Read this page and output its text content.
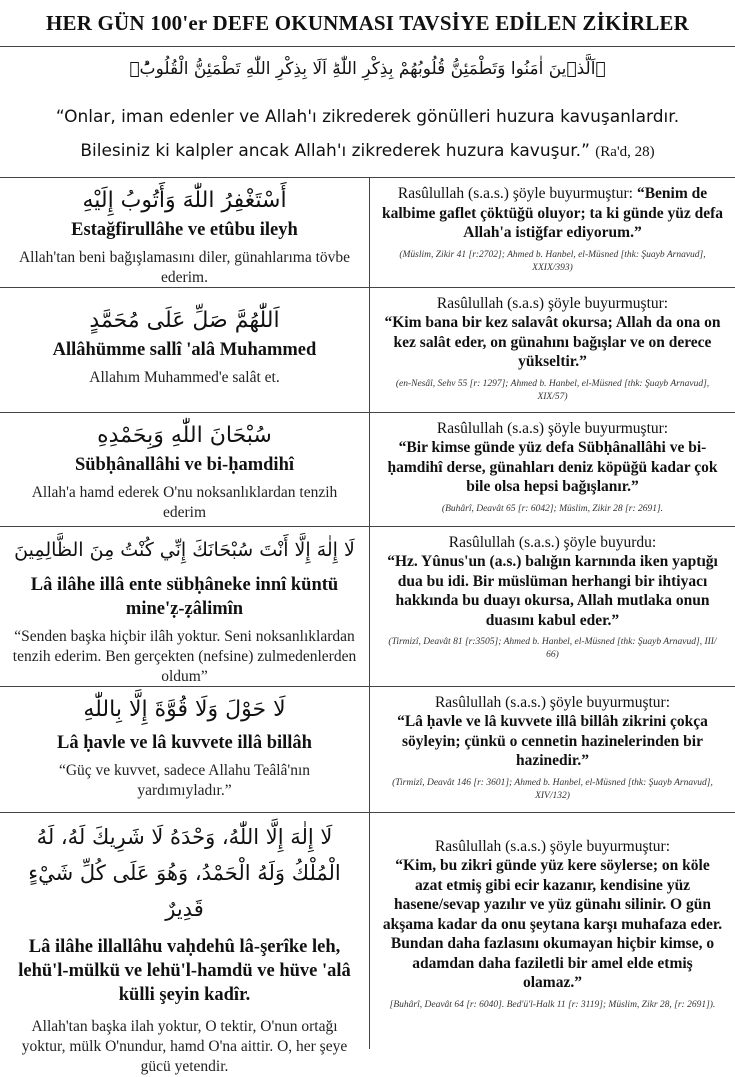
HER GÜN 100'er DEFE OKUNMASI TAVSİYE EDİLEN ZİKİRLER
﴿اَلَّذ۪ينَ اٰمَنُوا وَتَطْمَئِنُّ قُلُوبُهُمْ بِذِكْرِ اللّٰهِؕ اَلَا بِذِكْرِ اللّٰهِ تَطْمَئِنُّ الْقُلُوبُؕ﴾
“Onlar, iman edenler ve Allah'ı zikrederek gönülleri huzura kavuşanlardır.
Bilesiniz ki kalpler ancak Allah'ı zikrederek huzura kavuşur.” (Ra'd, 28)
أَسْتَغْفِرُ اللّٰهَ وَأَتُوبُ إِلَيْهِ
Estağfirullâhe ve etûbu ileyh
Allah'tan beni bağışlamasını diler, günahlarıma tövbe ederim.
Rasûlullah (s.a.s.) şöyle buyurmuştur: “Benim de kalbime gaflet çöktüğü oluyor; ta ki günde yüz defa Allah'a istiğfar ediyorum.”
(Müslim, Zikir 41 [r:2702]; Ahmed b. Hanbel, el-Müsned [thk: Şuayb Arnavud], XXIX/393)
اَللّٰهُمَّ صَلِّ عَلَى مُحَمَّدٍ
Allâhümme sallî 'alâ Muhammed
Allahım Muhammed'e salât et.
Rasûlullah (s.a.s) şöyle buyurmuştur:
“Kim bana bir kez salavât okursa; Allah da ona on kez salât eder, on günahını bağışlar ve on derece yükseltir.”
(en-Nesâî, Sehv 55 [r: 1297]; Ahmed b. Hanbel, el-Müsned [thk: Şuayb Arnavud], XIX/57)
سُبْحَانَ اللّٰهِ وَبِحَمْدِهِ
Sübḥânallâhi ve bi-ḥamdihî
Allah'a hamd ederek O'nu noksanlıklardan tenzih ederim
Rasûlullah (s.a.s) şöyle buyurmuştur:
“Bir kimse günde yüz defa Sübḥânallâhi ve bi-ḥamdihî derse, günahları deniz köpüğü kadar çok bile olsa hepsi bağışlanır.”
(Buhârî, Deavât 65 [r: 6042]; Müslim, Zikir 28 [r: 2691].
لَا إِلٰهَ إِلَّا أَنْتَ سُبْحَانَكَ إِنِّي كُنْتُ مِنَ الظَّالِمِينَ
Lâ ilâhe illâ ente sübḥâneke innî küntü mine'ẓ-ẓâlimîn
“Senden başka hiçbir ilâh yoktur. Seni noksanlıklardan tenzih ederim. Ben gerçekten (nefsine) zulmedenlerden oldum”
Rasûlullah (s.a.s.) şöyle buyurdu:
“Hz. Yûnus'un (a.s.) balığın karnında iken yaptığı dua bu idi. Bir müslüman herhangi bir ihtiyacı hakkında bu duayı okursa, Allah mutlaka onun duasını kabul eder.”
(Tirmizî, Deavât 81 [r:3505]; Ahmed b. Hanbel, el-Müsned [thk: Şuayb Arnavud], III/ 66)
لَا حَوْلَ وَلَا قُوَّةَ إِلَّا بِاللّٰهِ
Lâ ḥavle ve lâ kuvvete illâ billâh
“Güç ve kuvvet, sadece Allahu Teâlâ'nın yardımıyladır.”
Rasûlullah (s.a.s.) şöyle buyurmuştur:
“Lâ ḥavle ve lâ kuvvete illâ billâh zikrini çokça söyleyin; çünkü o cennetin hazinelerinden bir hazinedir.”
(Tirmizî, Deavât 146 [r: 3601]; Ahmed b. Hanbel, el-Müsned [thk: Şuayb Arnavud], XIV/132)
لَا إِلٰهَ إِلَّا اللّٰهُ، وَحْدَهُ لَا شَرِيكَ لَهُ، لَهُ الْمُلْكُ وَلَهُ الْحَمْدُ، وَهُوَ عَلَى كُلِّ شَيْءٍ قَدِيرٌ
Lâ ilâhe illallâhu vaḥdehû lâ-şerîke leh, lehü'l-mülkü ve lehü'l-hamdü ve hüve 'alâ külli şeyin kadîr.
Allah'tan başka ilah yoktur, O tektir, O'nun ortağı yoktur, mülk O'nundur, hamd O'na aittir. O, her şeye gücü yetendir.
Rasûlullah (s.a.s.) şöyle buyurmuştur:
“Kim, bu zikri günde yüz kere söylerse; on köle azat etmiş gibi ecir kazanır, kendisine yüz hasene/sevap yazılır ve yüz günahı silinir. O gün akşama kadar da onu şeytana karşı muhafaza eder. Bundan daha fazlasını okumayan hiçbir kimse, o adamdan daha faziletli bir amel elde etmiş olamaz.”
[Buhârî, Deavât 64 [r: 6040]. Bed'ü'l-Halk 11 [r: 3119]; Müslim, Zikr 28, [r: 2691]).
